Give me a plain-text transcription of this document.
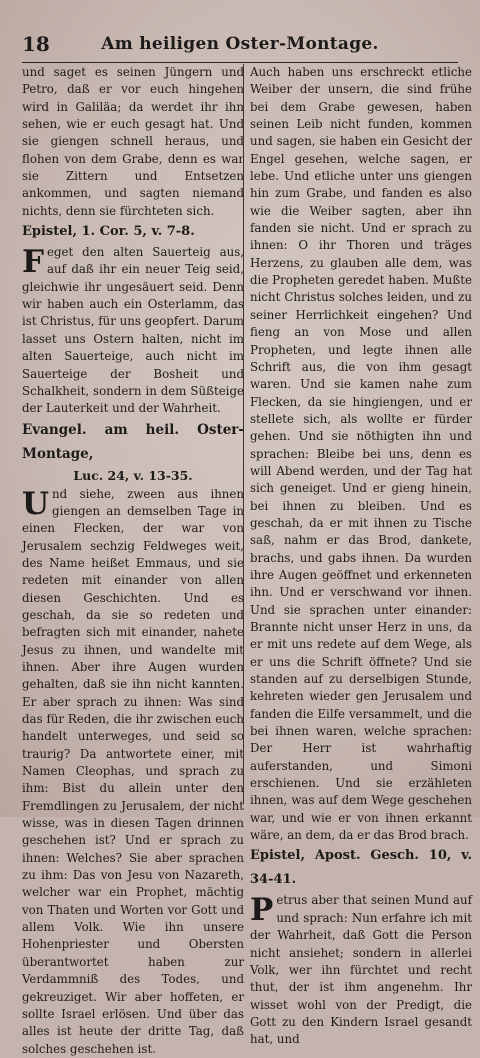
18	Am heiligen Oster-Montage.

und saget es seinen Jüngern und Petro, daß er vor euch hingehen wird in Galiläa; da werdet ihr ihn sehen, wie er euch gesagt hat. Und sie giengen schnell heraus, und flohen von dem Grabe, denn es war sie Zittern und Entsetzen ankommen, und sagten niemand nichts, denn sie fürchteten sich.

Epistel, 1. Cor. 5, v. 7-8.

Feget den alten Sauerteig aus, auf daß ihr ein neuer Teig seid, gleichwie ihr ungesäuert seid. Denn wir haben auch ein Osterlamm, das ist Christus, für uns geopfert. Darum lasset uns Ostern halten, nicht im alten Sauerteige, auch nicht im Sauerteige der Bosheit und Schalkheit, sondern in dem Süßteige der Lauterkeit und der Wahrheit.

Evangel. am heil. Oster-Montage,

Luc. 24, v. 13-35.

Und siehe, zween aus ihnen giengen an demselben Tage in einen Flecken, der war von Jerusalem sechzig Feldweges weit, des Name heißet Emmaus, und sie redeten mit einander von allen diesen Geschichten. Und es geschah, da sie so redeten und befragten sich mit einander, nahete Jesus zu ihnen, und wandelte mit ihnen. Aber ihre Augen wurden gehalten, daß sie ihn nicht kannten. Er aber sprach zu ihnen: Was sind das für Reden, die ihr zwischen euch handelt unterweges, und seid so traurig? Da antwortete einer, mit Namen Cleophas, und sprach zu ihm: Bist du allein unter den Fremdlingen zu Jerusalem, der nicht wisse, was in diesen Tagen drinnen geschehen ist? Und er sprach zu ihnen: Welches? Sie aber sprachen zu ihm: Das von Jesu von Nazareth, welcher war ein Prophet, mächtig von Thaten und Worten vor Gott und allem Volk. Wie ihn unsere Hohenpriester und Obersten überantwortet haben zur Verdammniß des Todes, und gekreuziget. Wir aber hoffeten, er sollte Israel erlösen. Und über das alles ist heute der dritte Tag, daß solches geschehen ist.

Auch haben uns erschreckt etliche Weiber der unsern, die sind frühe bei dem Grabe gewesen, haben seinen Leib nicht funden, kommen und sagen, sie haben ein Gesicht der Engel gesehen, welche sagen, er lebe. Und etliche unter uns giengen hin zum Grabe, und fanden es also wie die Weiber sagten, aber ihn fanden sie nicht. Und er sprach zu ihnen: O ihr Thoren und träges Herzens, zu glauben alle dem, was die Propheten geredet haben. Mußte nicht Christus solches leiden, und zu seiner Herrlichkeit eingehen? Und fieng an von Mose und allen Propheten, und legte ihnen alle Schrift aus, die von ihm gesagt waren. Und sie kamen nahe zum Flecken, da sie hingiengen, und er stellete sich, als wollte er fürder gehen. Und sie nöthigten ihn und sprachen: Bleibe bei uns, denn es will Abend werden, und der Tag hat sich geneiget. Und er gieng hinein, bei ihnen zu bleiben. Und es geschah, da er mit ihnen zu Tische saß, nahm er das Brod, dankete, brachs, und gabs ihnen. Da wurden ihre Augen geöffnet und erkenneten ihn. Und er verschwand vor ihnen. Und sie sprachen unter einander: Brannte nicht unser Herz in uns, da er mit uns redete auf dem Wege, als er uns die Schrift öffnete? Und sie standen auf zu derselbigen Stunde, kehreten wieder gen Jerusalem und fanden die Eilfe versammelt, und die bei ihnen waren, welche sprachen: Der Herr ist wahrhaftig auferstanden, und Simoni erschienen. Und sie erzähleten ihnen, was auf dem Wege geschehen war, und wie er von ihnen erkannt wäre, an dem, da er das Brod brach.

Epistel, Apost. Gesch. 10, v. 34-41.

Petrus aber that seinen Mund auf und sprach: Nun erfahre ich mit der Wahrheit, daß Gott die Person nicht ansiehet; sondern in allerlei Volk, wer ihn fürchtet und recht thut, der ist ihm angenehm. Ihr wisset wohl von der Predigt, die Gott zu den Kindern Israel gesandt hat, und
